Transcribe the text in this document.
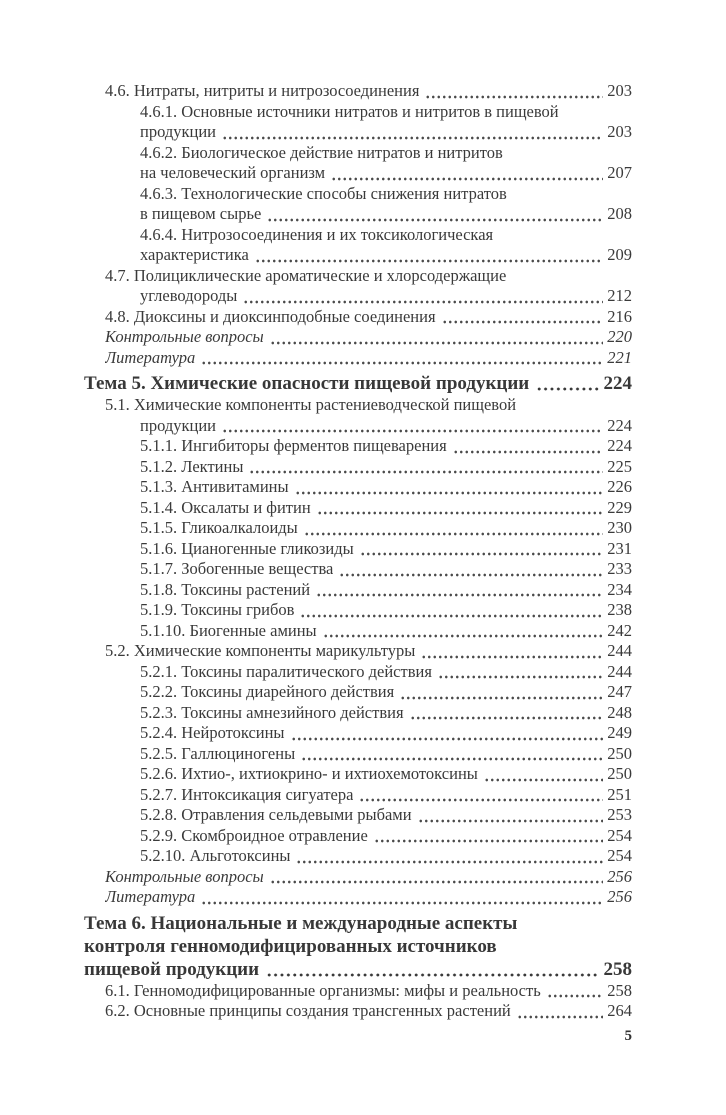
4.6. Нитраты, нитриты и нитрозосоединения	203
4.6.1. Основные источники нитратов и нитритов в пищевой
продукции	203
4.6.2. Биологическое действие нитратов и нитритов
на человеческий организм	207
4.6.3. Технологические способы снижения нитратов
в пищевом сырье	208
4.6.4. Нитрозосоединения и их токсикологическая
характеристика	209
4.7. Полициклические ароматические и хлорсодержащие
углеводороды	212
4.8. Диоксины и диоксинподобные соединения	216
Контрольные вопросы	220
Литература	221
Тема 5. Химические опасности пищевой продукции	224
5.1. Химические компоненты растениеводческой пищевой
продукции	224
5.1.1. Ингибиторы ферментов пищеварения	224
5.1.2. Лектины	225
5.1.3. Антивитамины	226
5.1.4. Оксалаты и фитин	229
5.1.5. Гликоалкалоиды	230
5.1.6. Цианогенные гликозиды	231
5.1.7. Зобогенные вещества	233
5.1.8. Токсины растений	234
5.1.9. Токсины грибов	238
5.1.10. Биогенные амины	242
5.2. Химические компоненты марикультуры	244
5.2.1. Токсины паралитического действия	244
5.2.2. Токсины диарейного действия	247
5.2.3. Токсины амнезийного действия	248
5.2.4. Нейротоксины	249
5.2.5. Галлюциногены	250
5.2.6. Ихтио-, ихтиокрино- и ихтиохемотоксины	250
5.2.7. Интоксикация сигуатера	251
5.2.8. Отравления сельдевыми рыбами	253
5.2.9. Скомброидное отравление	254
5.2.10. Альготоксины	254
Контрольные вопросы	256
Литература	256
Тема 6. Национальные и международные аспекты
контроля генномодифицированных источников
пищевой продукции	258
6.1. Генномодифицированные организмы: мифы и реальность	258
6.2. Основные принципы создания трансгенных растений	264
5
